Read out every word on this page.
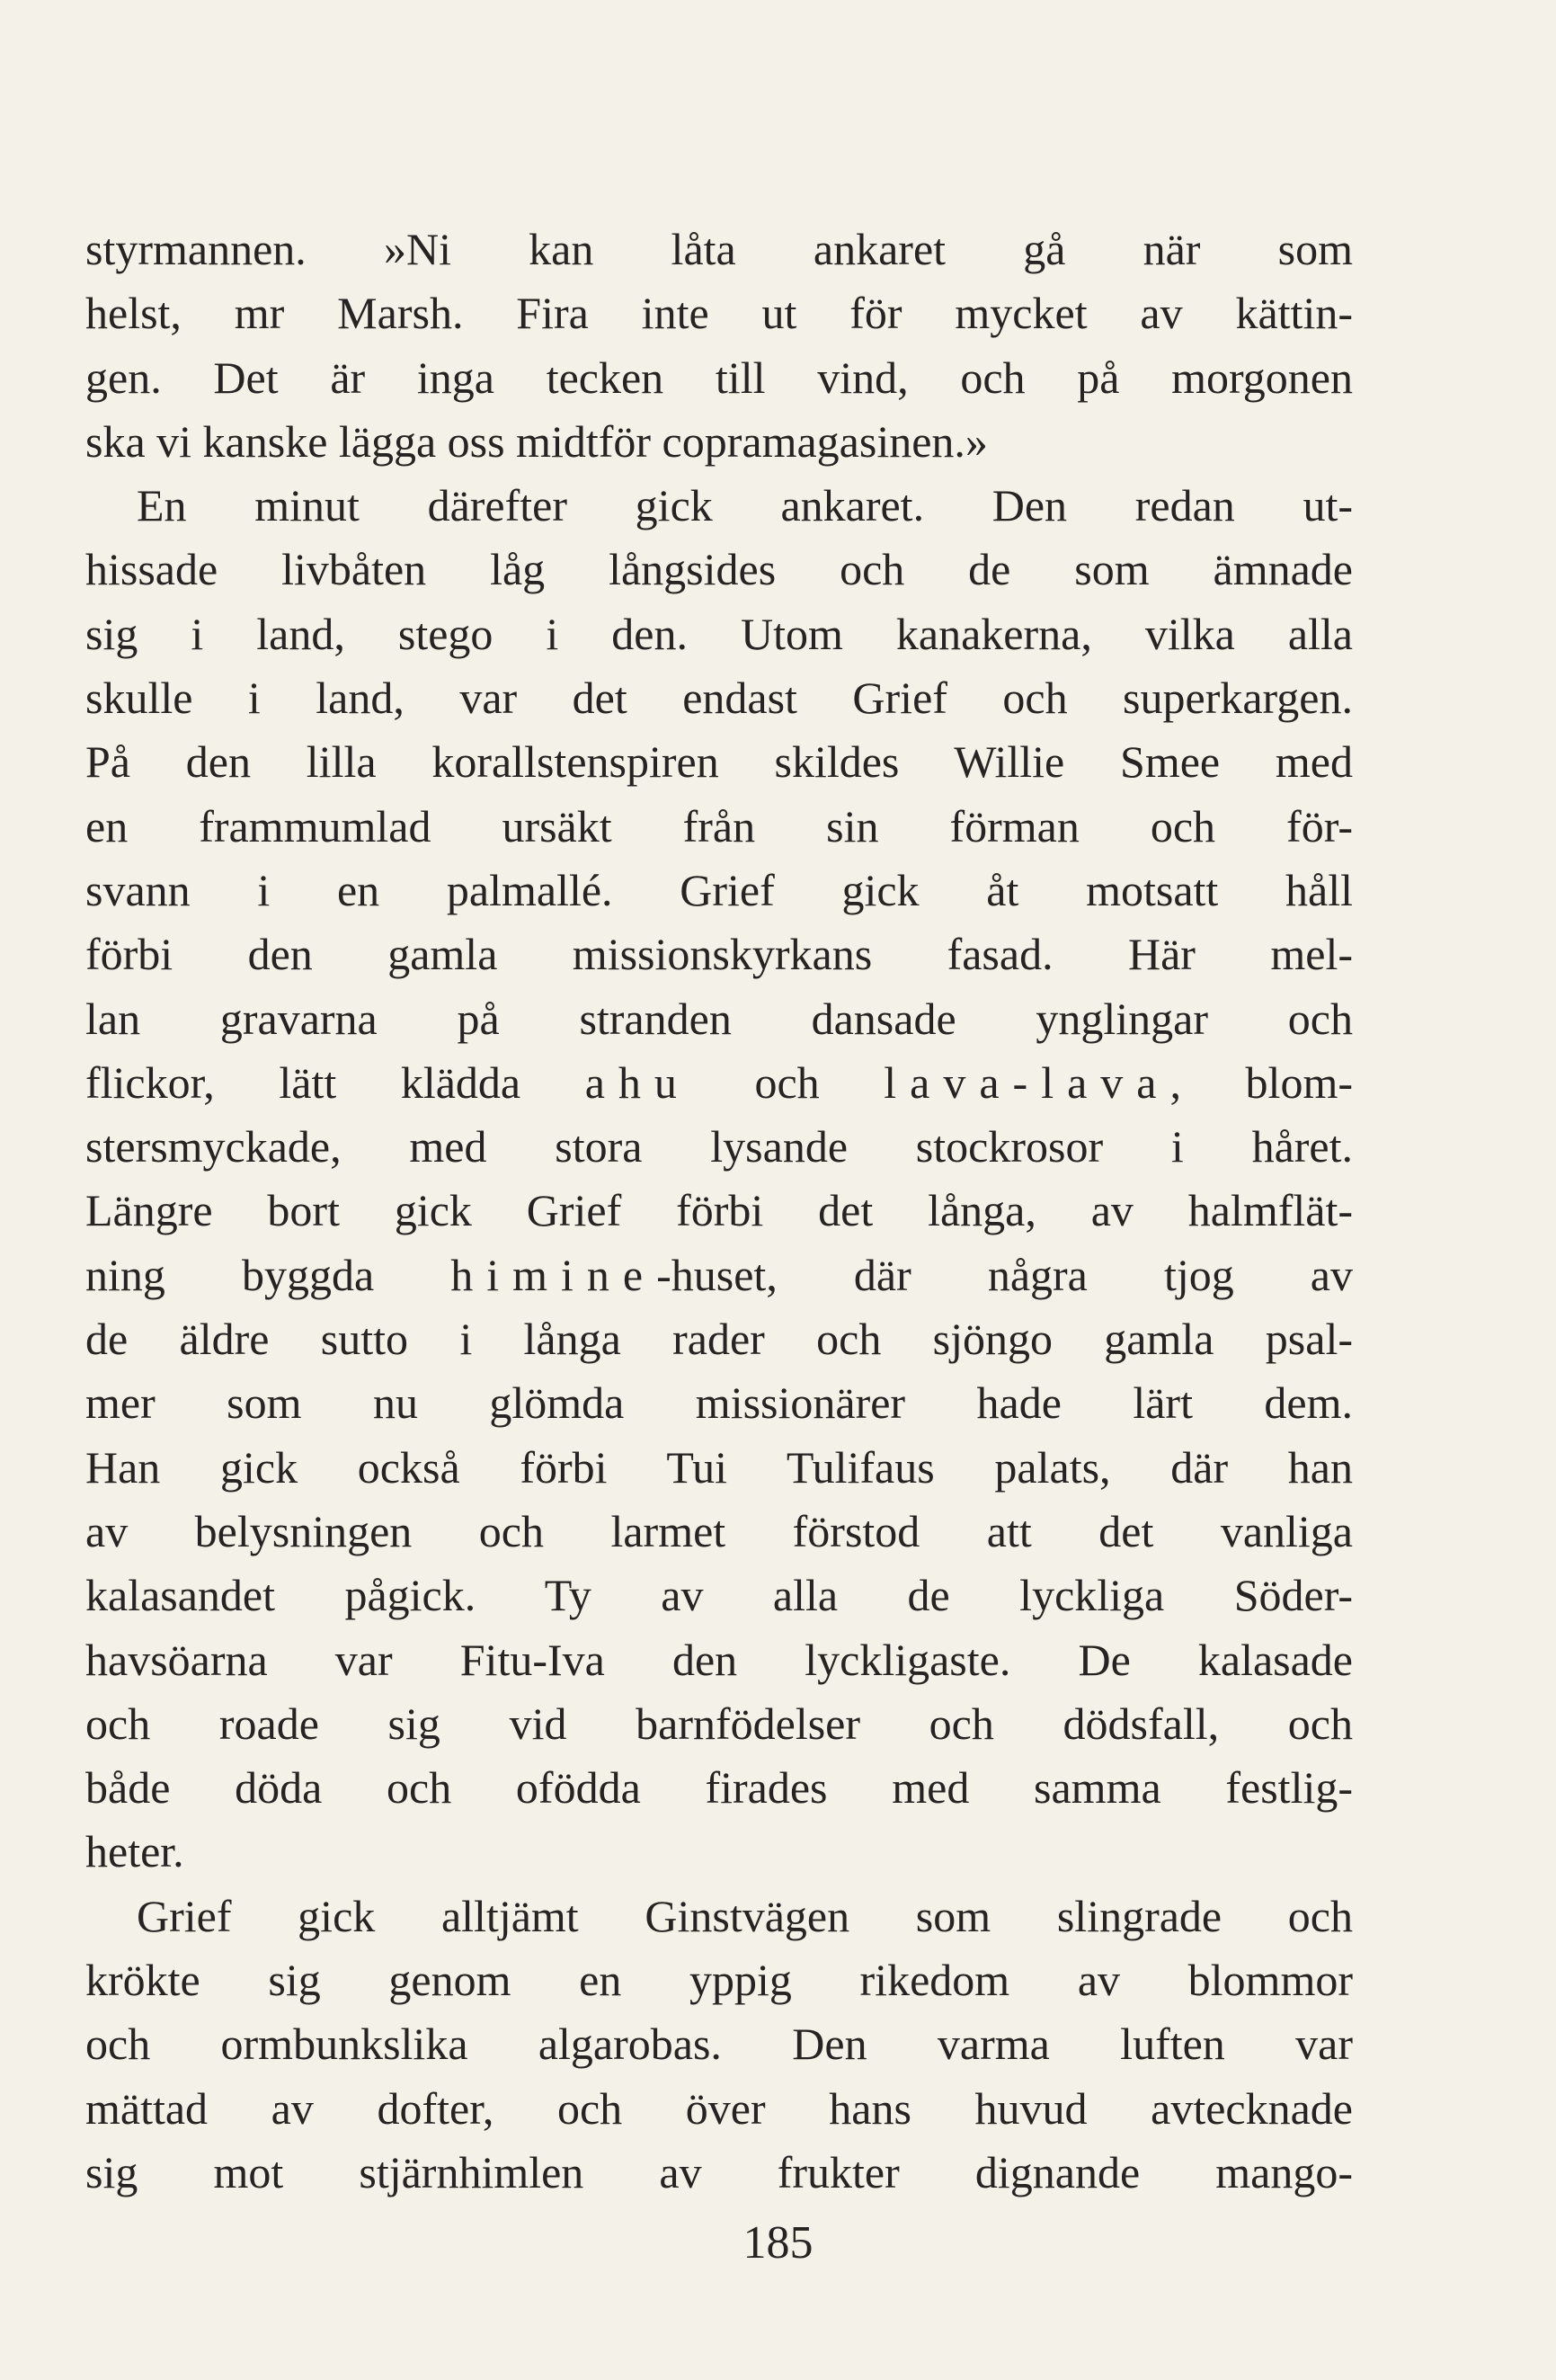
styrmannen. »Ni kan låta ankaret gå när som
helst, mr Marsh. Fira inte ut för mycket av kättin-
gen. Det är inga tecken till vind, och på morgonen
ska vi kanske lägga oss midtför copramagasinen.»
En minut därefter gick ankaret. Den redan ut-
hissade livbåten låg långsides och de som ämnade
sig i land, stego i den. Utom kanakerna, vilka alla
skulle i land, var det endast Grief och superkargen.
På den lilla korallstenspiren skildes Willie Smee med
en frammumlad ursäkt från sin förman och för-
svann i en palmallé. Grief gick åt motsatt håll
förbi den gamla missionskyrkans fasad. Här mel-
lan gravarna på stranden dansade ynglingar och
flickor, lätt klädda ahu och lava-lava, blom-
stersmyckade, med stora lysande stockrosor i håret.
Längre bort gick Grief förbi det långa, av halmflät-
ning byggda himine-huset, där några tjog av
de äldre sutto i långa rader och sjöngo gamla psal-
mer som nu glömda missionärer hade lärt dem.
Han gick också förbi Tui Tulifaus palats, där han
av belysningen och larmet förstod att det vanliga
kalasandet pågick. Ty av alla de lyckliga Söder-
havsöarna var Fitu-Iva den lyckligaste. De kalasade
och roade sig vid barnfödelser och dödsfall, och
både döda och ofödda firades med samma festlig-
heter.
Grief gick alltjämt Ginstvägen som slingrade och
krökte sig genom en yppig rikedom av blommor
och ormbunkslika algarobas. Den varma luften var
mättad av dofter, och över hans huvud avtecknade
sig mot stjärnhimlen av frukter dignande mango-
185
